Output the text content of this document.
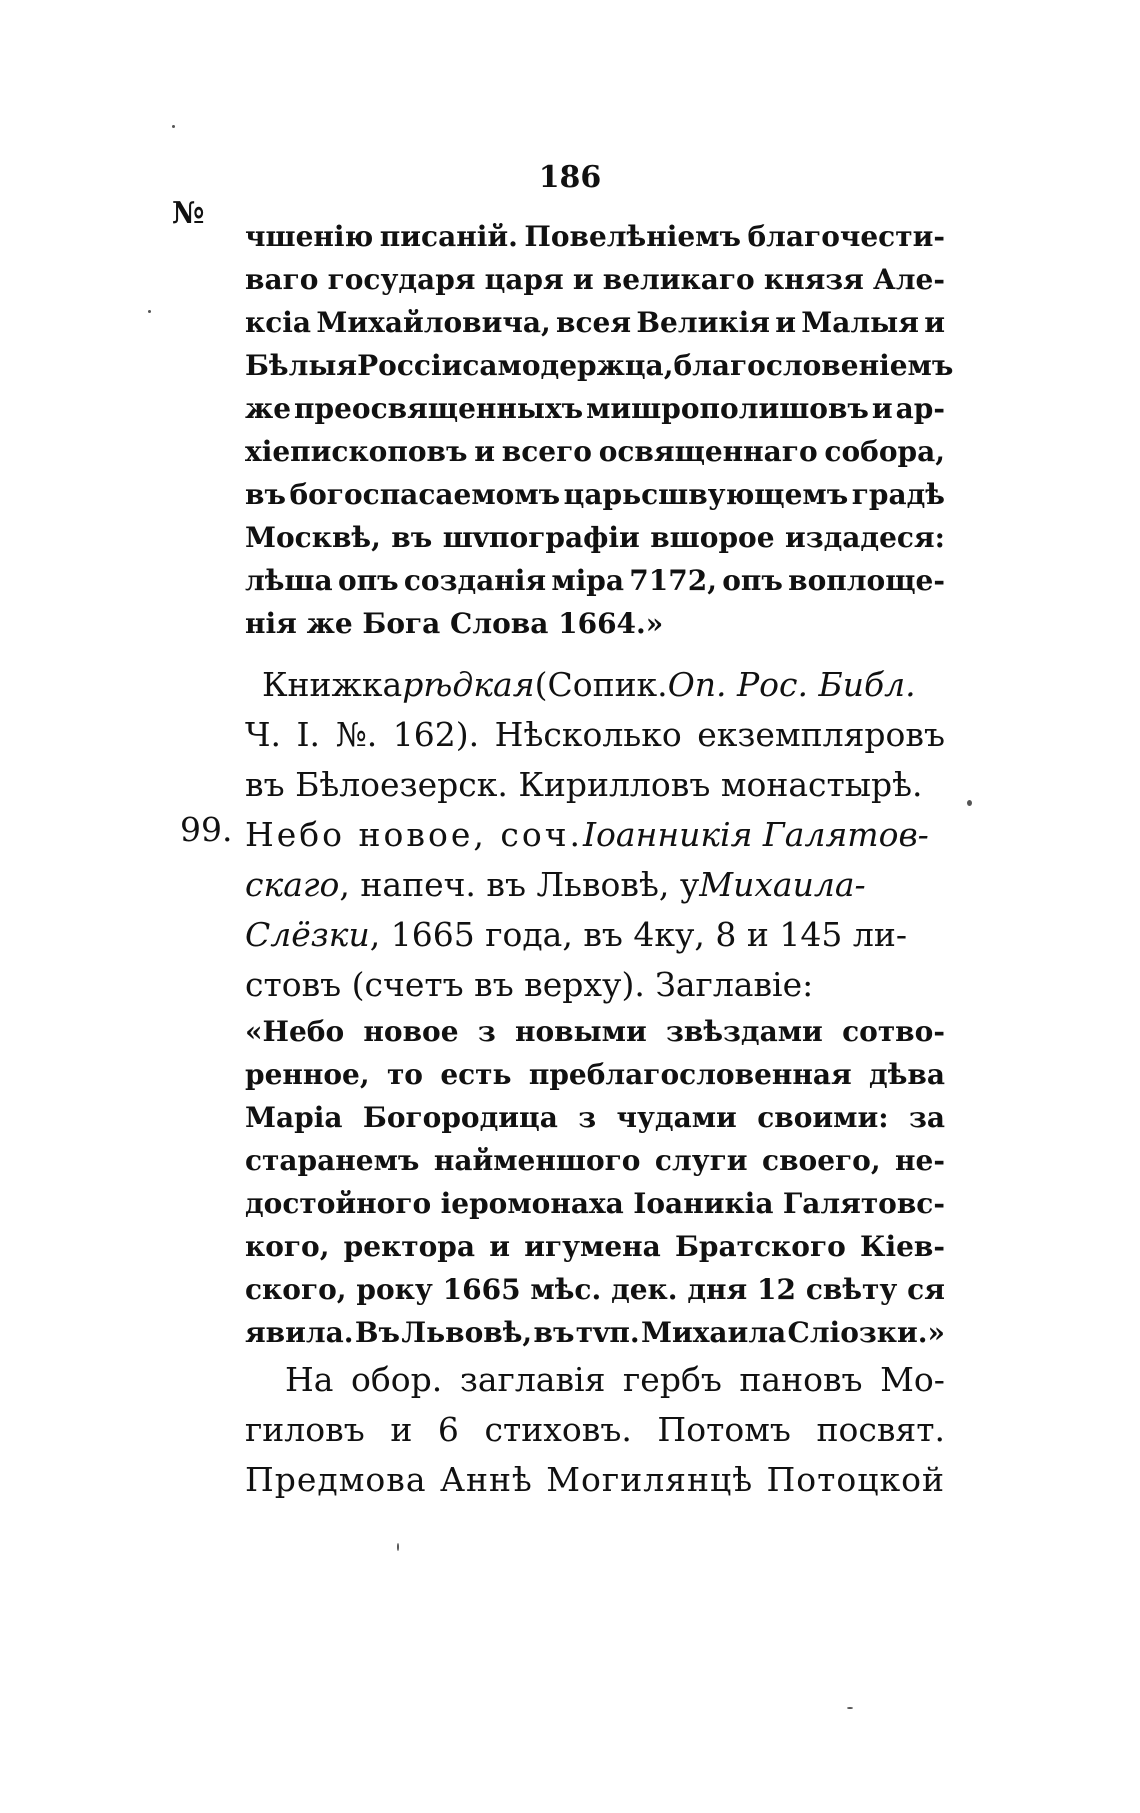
186
№
чшенію писаній. Повелѣніемъ благочести-
ваго государя царя и великаго князя Але-
ксіа Михайловича, всея Великія и Малыя и
Бѣлыя Россіи самодержца, благословеніемъ
же преосвященныхъ мишрополишовъ и ар-
хіепископовъ и всего освященнаго собора,
въ богоспасаемомъ царьсшвующемъ градѣ
Москвѣ, въ шvпографіи вшорое издадеся:
лѣша опъ созданія міра 7172, опъ воплоще-
нія же Бога Слова 1664.»
Книжка рѣдкая (Сопик. Оп. Рос. Библ.
Ч. I. №. 162). Нѣсколько екземпляровъ
въ Бѣлоезерск. Кирилловъ монастырѣ.
99. Небо новое, соч. Іоанникія Галятов-
скаго , напеч. въ Львовѣ, у Михаила-
Слёзки , 1665 года, въ 4ку, 8 и 145 ли-
стовъ (счетъ въ верху). Заглавіе:
«Небо новое з новыми звѣздами сотво-
ренное, то есть преблагословенная дѣва
Маріа Богородица з чудами своими: за
старанемъ найменшого слуги своего, не-
достойного іеромонаха Іоаникіа Галятовс-
кого, ректора и игумена Братского Кіев-
ского, року 1665 мѣс. дек. дня 12 свѣту ся
явила. Въ Львовѣ, въ тvп. Михаила Сліозки.»
На обор. заглавія гербъ пановъ Мо-
гиловъ и 6 стиховъ. Потомъ посвят.
Предмова Аннѣ Могилянцѣ Потоцкой
